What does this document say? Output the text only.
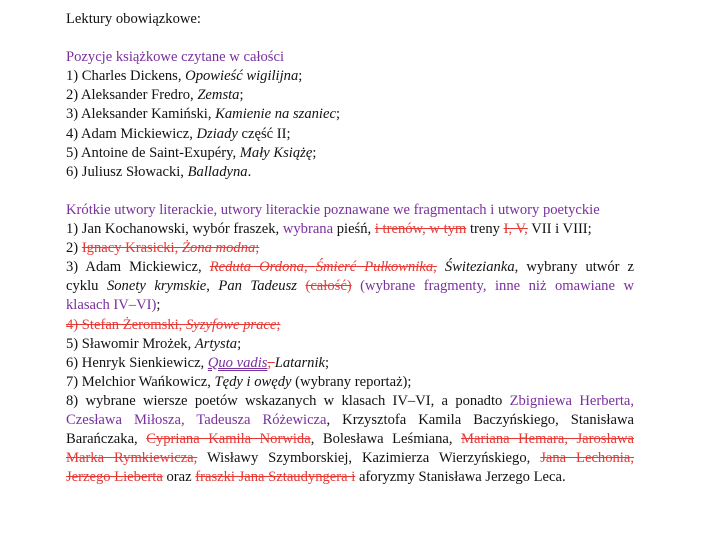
Lektury obowiązkowe:
Pozycje książkowe czytane w całości
1) Charles Dickens, Opowieść wigilijna;
2) Aleksander Fredro, Zemsta;
3) Aleksander Kamiński, Kamienie na szaniec;
4) Adam Mickiewicz, Dziady część II;
5) Antoine de Saint-Exupéry, Mały Książę;
6) Juliusz Słowacki, Balladyna.
Krótkie utwory literackie, utwory literackie poznawane we fragmentach i utwory poetyckie
1) Jan Kochanowski, wybór fraszek, wybrana pieśń, i trenów, w tym treny I, V, VII i VIII;
2) Ignacy Krasicki, Żona modna;
3) Adam Mickiewicz, Reduta Ordona, Śmierć Pułkownika, Świtezianka, wybrany utwór z
cyklu Sonety krymskie, Pan Tadeusz (całość) (wybrane fragmenty, inne niż omawiane w
klasach IV–VI);
4) Stefan Żeromski, Syzyfowe prace;
5) Sławomir Mrożek, Artysta;
6) Henryk Sienkiewicz, Quo vadis, Latarnik;
7) Melchior Wańkowicz, Tędy i owędy (wybrany reportaż);
8) wybrane wiersze poetów wskazanych w klasach IV–VI, a ponadto Zbigniewa Herberta,
Czesława Miłosza, Tadeusza Różewicza, Krzysztofa Kamila Baczyńskiego, Stanisława
Barańczaka, Cypriana Kamila Norwida, Bolesława Leśmiana, Mariana Hemara, Jarosława
Marka Rymkiewicza, Wisławy Szymborskiej, Kazimierza Wierzyńskiego, Jana Lechonia,
Jerzego Lieberta oraz fraszki Jana Sztaudyngera i aforyzmy Stanisława Jerzego Leca.
